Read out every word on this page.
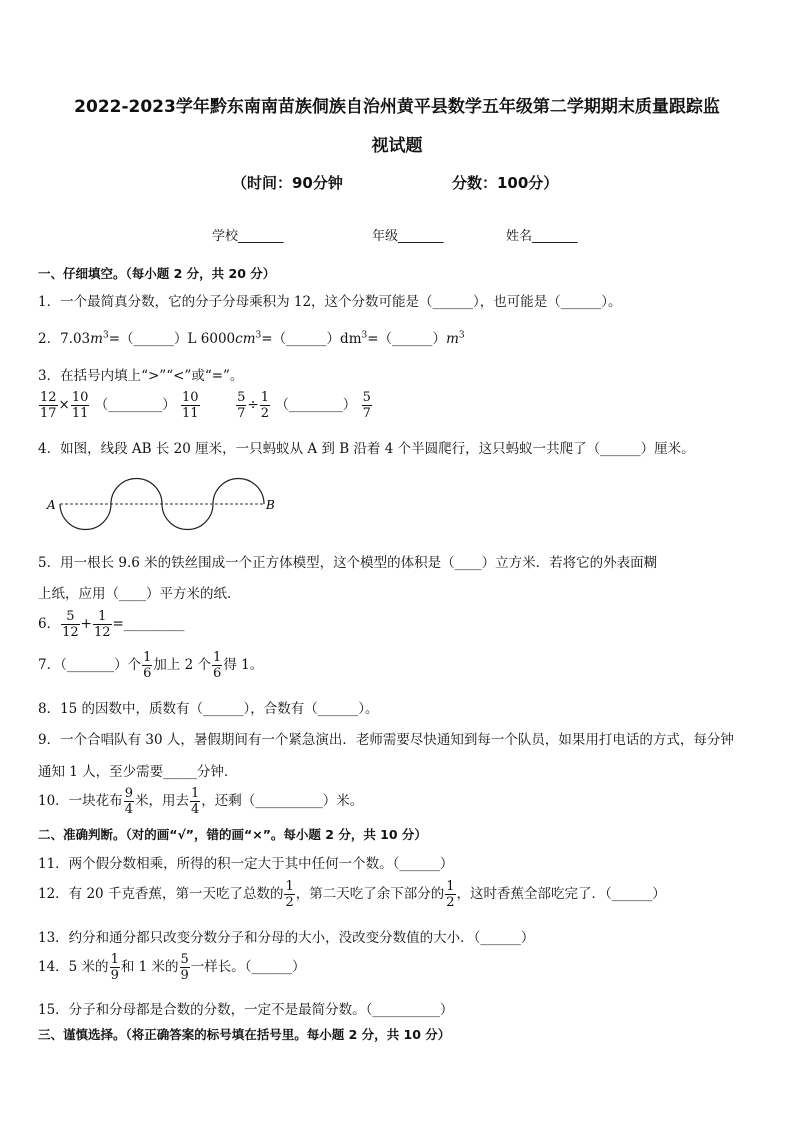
2022-2023学年黔东南南苗族侗族自治州黄平县数学五年级第二学期期末质量跟踪监
视试题
（时间：90分钟	分数：100分）
学校_______	年级_______	姓名_______
一、仔细填空。（每小题 2 分，共 20 分）
1．一个最简真分数，它的分子分母乘积为 12，这个分数可能是（______），也可能是（______）。
2．$7.03m^3=(\_\_\_\_\_\_)L$ $6000cm^3=(\_\_\_\_\_\_)dm^3=(\_\_\_\_\_\_)m^3$
3．在括号内填上“>”“<”或“=”。
$\frac{12}{17} \times \frac{10}{11}$ （________） $\frac{10}{11}$
	$\frac{5}{7} \div \frac{1}{2}$ （________） $\frac{5}{7}$
4．如图，线段 AB 长 20 厘米，一只蚂蚁从 A 到 B 沿着 4 个半圆爬行，这只蚂蚁一共爬了（______）厘米。
A	B
5．用一根长 9.6 米的铁丝围成一个正方体模型，这个模型的体积是（____）立方米．若将它的外表面糊
上纸，应用（____）平方米的纸．
6． $\frac{5}{12} + \frac{1}{12}$ =_________
7．（_______）个 $\frac{1}{6}$ 加上 2 个 $\frac{1}{6}$ 得 1。
8．15 的因数中，质数有（______），合数有（______）。
9．一个合唱队有 30 人，暑假期间有一个紧急演出．老师需要尽快通知到每一个队员，如果用打电话的方式，每分钟
通知 1 人，至少需要_____分钟．
10．一块花布 $\frac{9}{4}$ 米，用去 $\frac{1}{4}$ ，还剩（__________）米。
二、准确判断。（对的画“√”，错的画“×”。每小题 2 分，共 10 分）
11．两个假分数相乘，所得的积一定大于其中任何一个数。（______）
12．有 20 千克香蕉，第一天吃了总数的 $\frac{1}{2}$ ，第二天吃了余下部分的 $\frac{1}{2}$ ，这时香蕉全部吃完了．（______）
13．约分和通分都只改变分数分子和分母的大小，没改变分数值的大小．（______）
14．5 米的 $\frac{1}{9}$ 和 1 米的 $\frac{5}{9}$ 一样长。（______）
15．分子和分母都是合数的分数，一定不是最简分数。（__________）
三、谨慎选择。（将正确答案的标号填在括号里。每小题 2 分，共 10 分）
